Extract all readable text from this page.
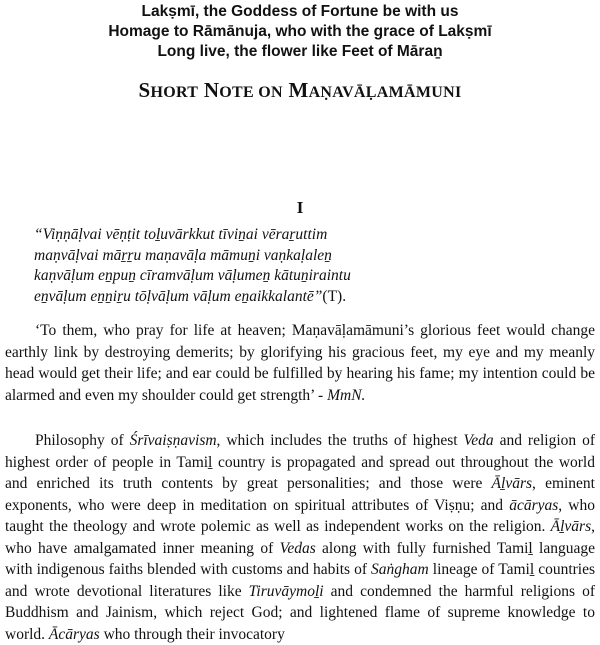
Lakṣmī, the Goddess of Fortune be with us
Homage to Rāmānuja, who with the grace of Lakṣmī
Long live, the flower like Feet of Māraṉ
SHORT NOTE ON MAṆAVĀḶAMĀMUNI
I
“Viṇṇāḷvai vēṇṭit toḻuvārkkut tīviṉai vēraṟuttim
maṇvāḷvai māṟṟu maṇavāḷa māmuṉi vaṇkaḷaleṉ
kaṇvāḷum eṉpuṉ cīramvāḷum vāḷumeṉ kātuṉiraintu
eṉvāḷum eṉṉiṟu tōḷvāḷum vāḷum eṉaikkalantē”(T).
‘To them, who pray for life at heaven; Maṇavāḷamāmuni’s glorious feet would change earthly link by destroying demerits; by glorifying his gracious feet, my eye and my meanly head would get their life; and ear could be fulfilled by hearing his fame; my intention could be alarmed and even my shoulder could get strength’ - MmN.
Philosophy of Śrīvaiṣṇavism, which includes the truths of highest Veda and religion of highest order of people in Tamiḻ country is propagated and spread out throughout the world and enriched its truth contents by great personalities; and those were Āḻvārs, eminent exponents, who were deep in meditation on spiritual attributes of Viṣṇu; and ācāryas, who taught the theology and wrote polemic as well as independent works on the religion. Āḻvārs, who have amalgamated inner meaning of Vedas along with fully furnished Tamiḻ language with indigenous faiths blended with customs and habits of Saṅgham lineage of Tamiḻ countries and wrote devotional literatures like Tiruvāymoḻi and condemned the harmful religions of Buddhism and Jainism, which reject God; and lightened flame of supreme knowledge to world. Ācāryas who through their invocatory
